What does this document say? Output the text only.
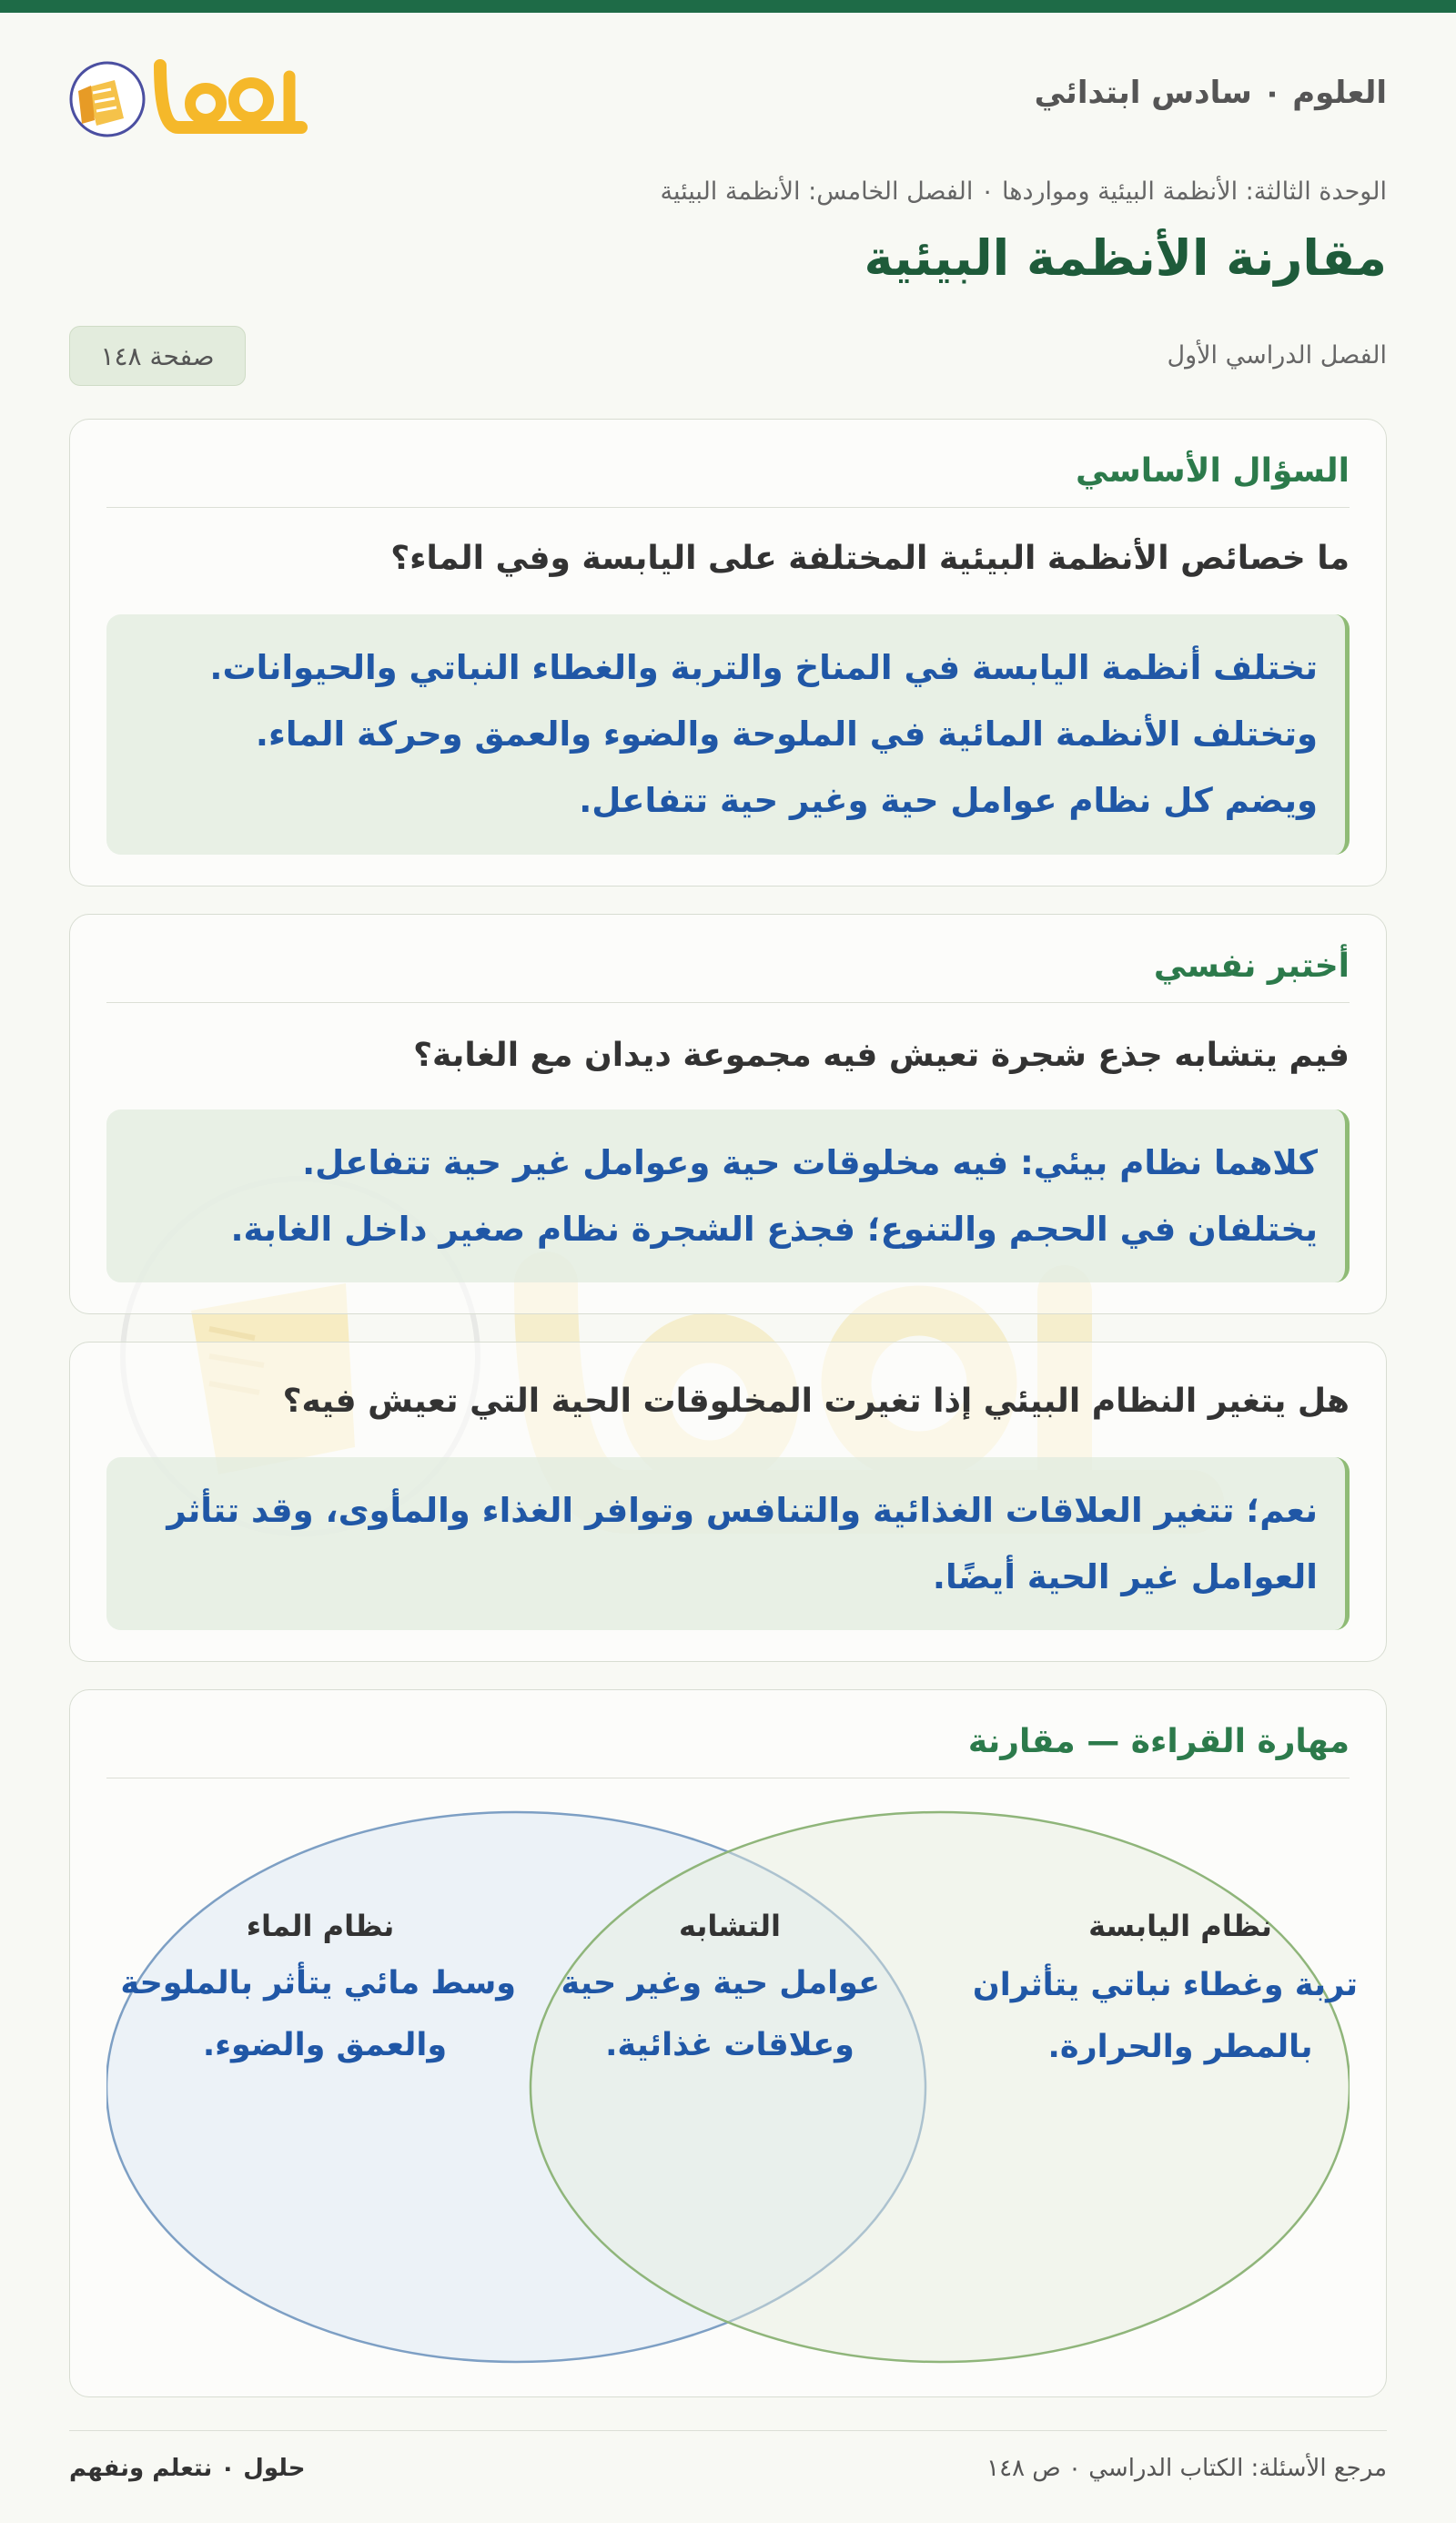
العلوم ٠ سادس ابتدائي
الوحدة الثالثة: الأنظمة البيئية ومواردها ٠ الفصل الخامس: الأنظمة البيئية
مقارنة الأنظمة البيئية
الفصل الدراسي الأول
صفحة ١٤٨
السؤال الأساسي
ما خصائص الأنظمة البيئية المختلفة على اليابسة وفي الماء؟
تختلف أنظمة اليابسة في المناخ والتربة والغطاء النباتي والحيوانات.
وتختلف الأنظمة المائية في الملوحة والضوء والعمق وحركة الماء.
ويضم كل نظام عوامل حية وغير حية تتفاعل.
أختبر نفسي
فيم يتشابه جذع شجرة تعيش فيه مجموعة ديدان مع الغابة؟
كلاهما نظام بيئي: فيه مخلوقات حية وعوامل غير حية تتفاعل.
يختلفان في الحجم والتنوع؛ فجذع الشجرة نظام صغير داخل الغابة.
هل يتغير النظام البيئي إذا تغيرت المخلوقات الحية التي تعيش فيه؟
نعم؛ تتغير العلاقات الغذائية والتنافس وتوافر الغذاء والمأوى، وقد تتأثر
العوامل غير الحية أيضًا.
مهارة القراءة — مقارنة
نظام اليابسة
تربة وغطاء نباتي يتأثران
بالمطر والحرارة.
التشابه
عوامل حية وغير حية
وعلاقات غذائية.
نظام الماء
وسط مائي يتأثر بالملوحة
والعمق والضوء.
مرجع الأسئلة: الكتاب الدراسي ٠ ص ١٤٨
حلول ٠ نتعلم ونفهم
